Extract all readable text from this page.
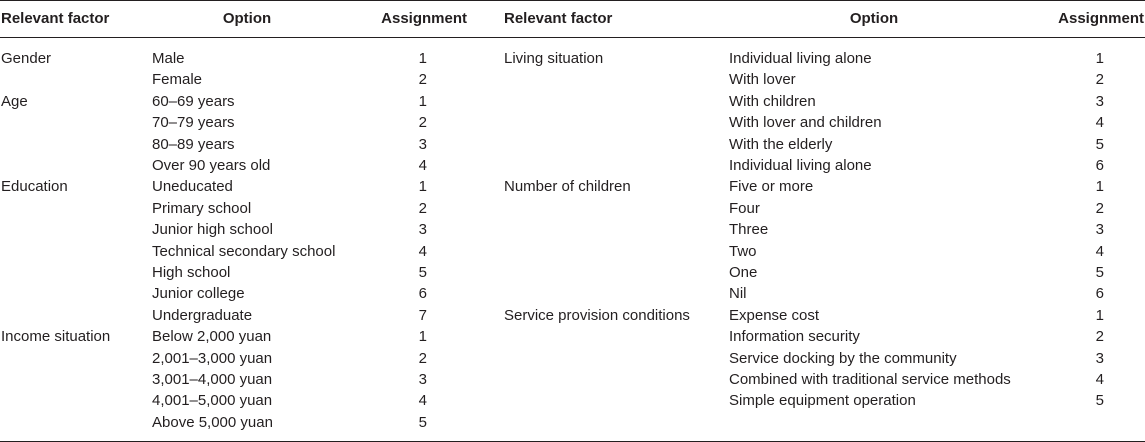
Relevant factor	Option	Assignment Relevant factor	Option	Assignment
Gender	Male	1
Female	2
Age	60–69 years	1
70–79 years	2
80–89 years	3
Over 90 years old	4
Education	Uneducated	1
Primary school	2
Junior high school	3
Technical secondary school	4
High school	5
Junior college	6
Undergraduate	7
Income situation	Below 2,000 yuan	1
2,001–3,000 yuan	2
3,001–4,000 yuan	3
4,001–5,000 yuan	4
Above 5,000 yuan	5
Living situation	Individual living alone	1
With lover	2
With children	3
With lover and children	4
With the elderly	5
Individual living alone	6
Number of children	Five or more	1
Four	2
Three	3
Two	4
One	5
Nil	6
Service provision conditions	Expense cost	1
Information security	2
Service docking by the community	3
Combined with traditional service methods	4
Simple equipment operation	5
